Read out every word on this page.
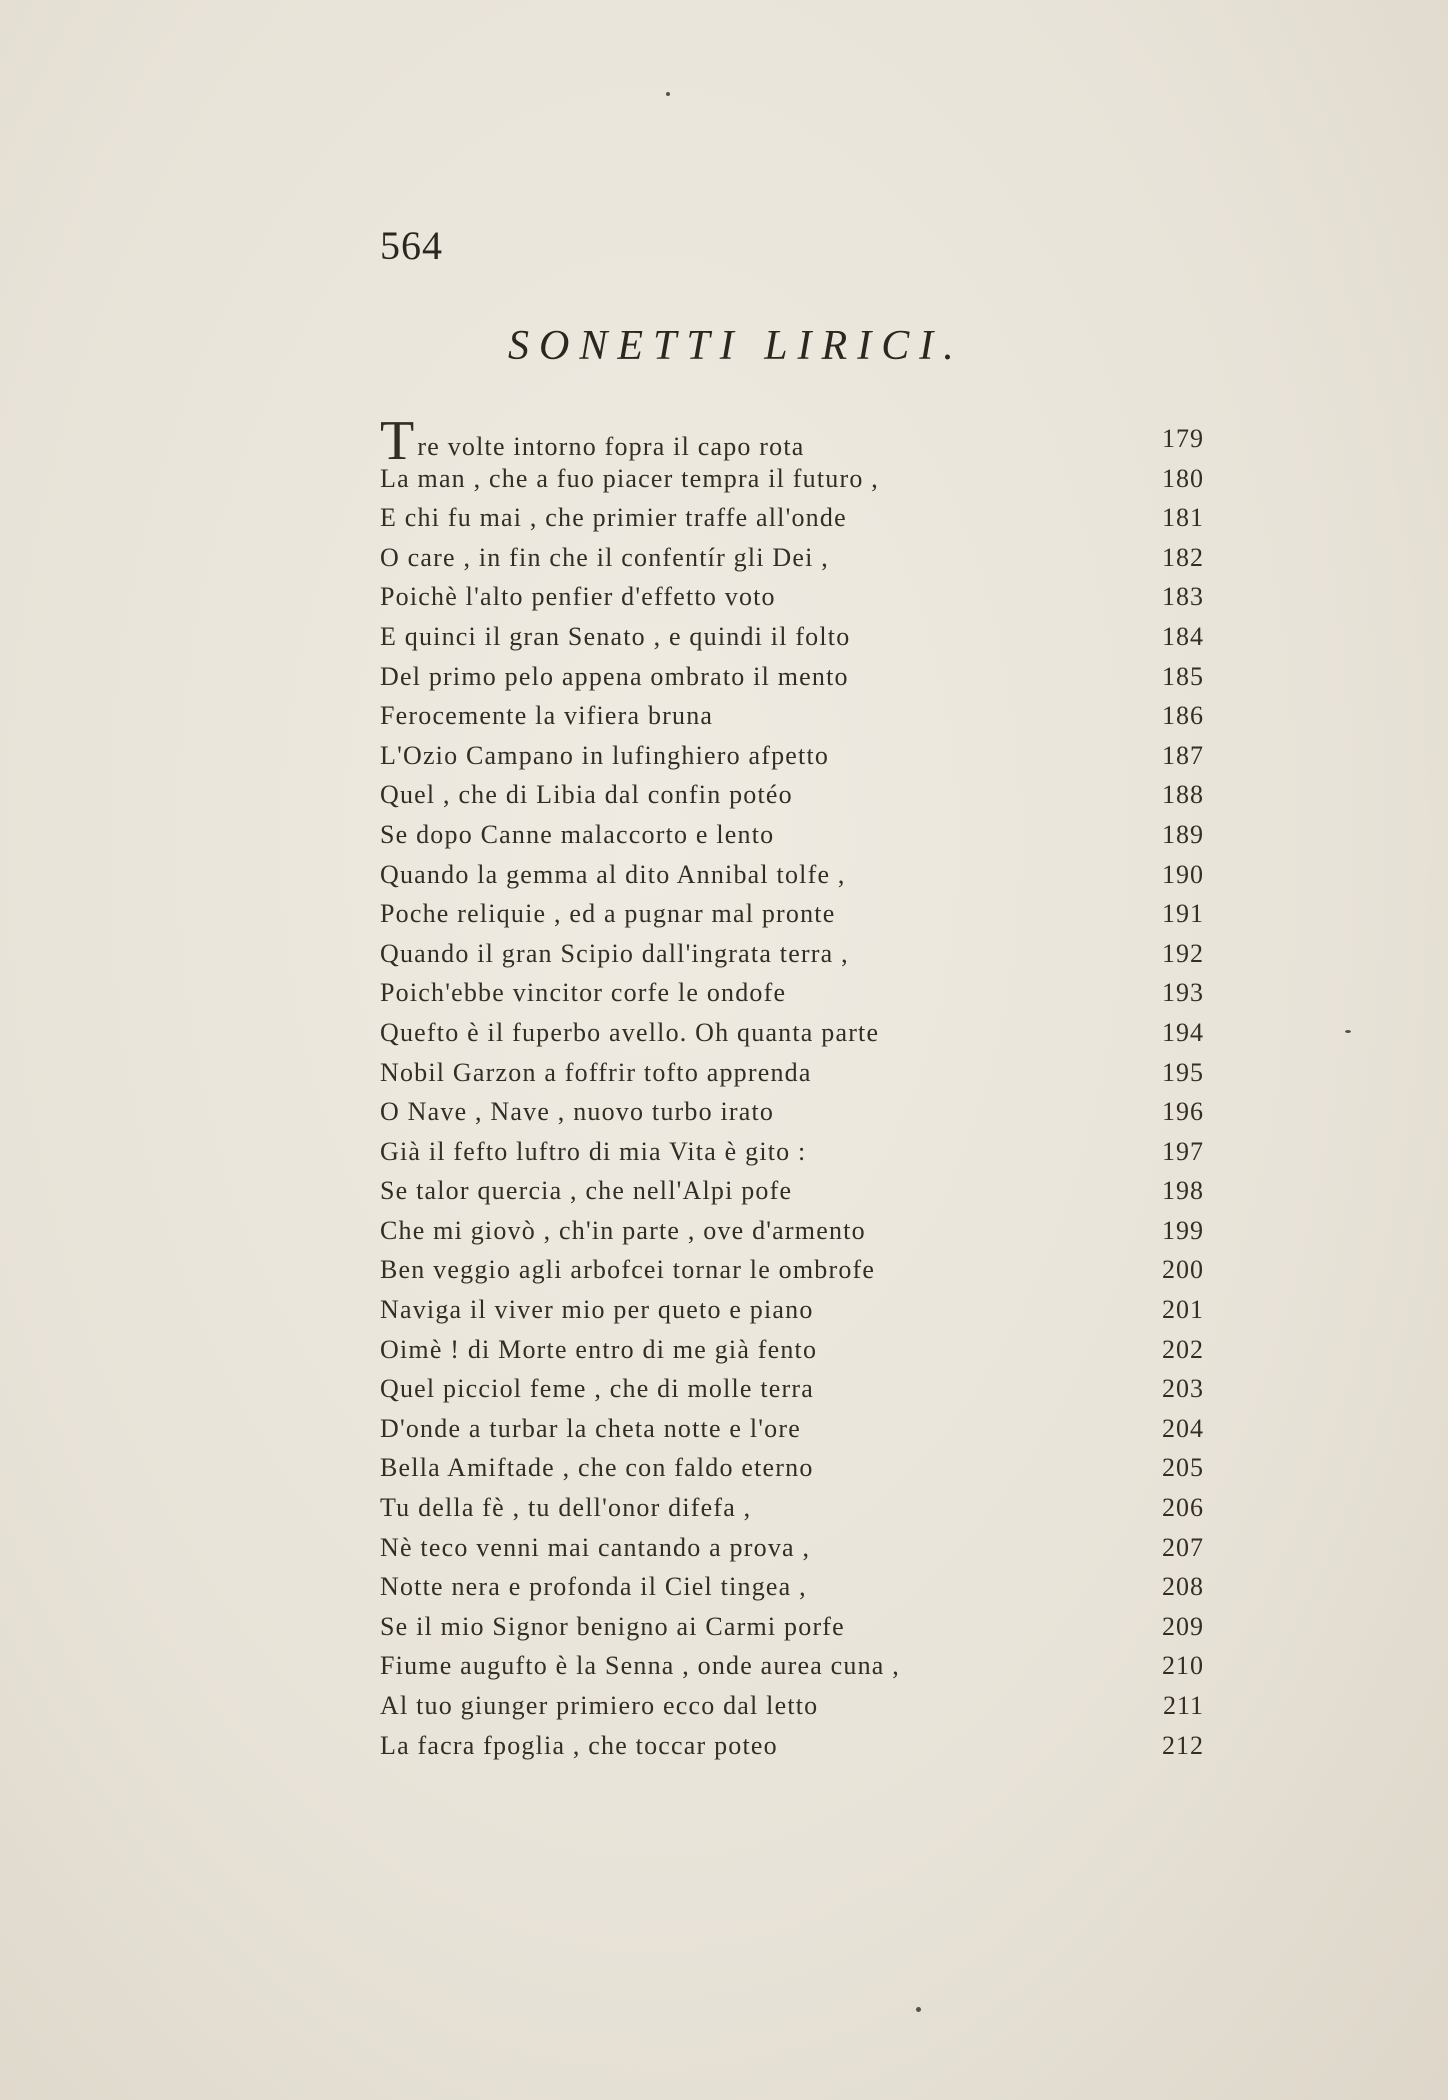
564
SONETTI LIRICI.
Tre volte intorno fopra il capo rota	179
La man , che a fuo piacer tempra il futuro ,	180
E chi fu mai , che primier traffe all'onde	181
O care , in fin che il confentír gli Dei ,	182
Poichè l'alto penfier d'effetto voto	183
E quinci il gran Senato , e quindi il folto	184
Del primo pelo appena ombrato il mento	185
Ferocemente la vifiera bruna	186
L'Ozio Campano in lufinghiero afpetto	187
Quel , che di Libia dal confin potéo	188
Se dopo Canne malaccorto e lento	189
Quando la gemma al dito Annibal tolfe ,	190
Poche reliquie , ed a pugnar mal pronte	191
Quando il gran Scipio dall'ingrata terra ,	192
Poich'ebbe vincitor corfe le ondofe	193
Quefto è il fuperbo avello. Oh quanta parte	194
Nobil Garzon a foffrir tofto apprenda	195
O Nave , Nave , nuovo turbo irato	196
Già il fefto luftro di mia Vita è gito :	197
Se talor quercia , che nell'Alpi pofe	198
Che mi giovò , ch'in parte , ove d'armento	199
Ben veggio agli arbofcei tornar le ombrofe	200
Naviga il viver mio per queto e piano	201
Oimè ! di Morte entro di me già fento	202
Quel picciol feme , che di molle terra	203
D'onde a turbar la cheta notte e l'ore	204
Bella Amiftade , che con faldo eterno	205
Tu della fè , tu dell'onor difefa ,	206
Nè teco venni mai cantando a prova ,	207
Notte nera e profonda il Ciel tingea ,	208
Se il mio Signor benigno ai Carmi porfe	209
Fiume augufto è la Senna , onde aurea cuna ,	210
Al tuo giunger primiero ecco dal letto	211
La facra fpoglia , che toccar poteo	212
